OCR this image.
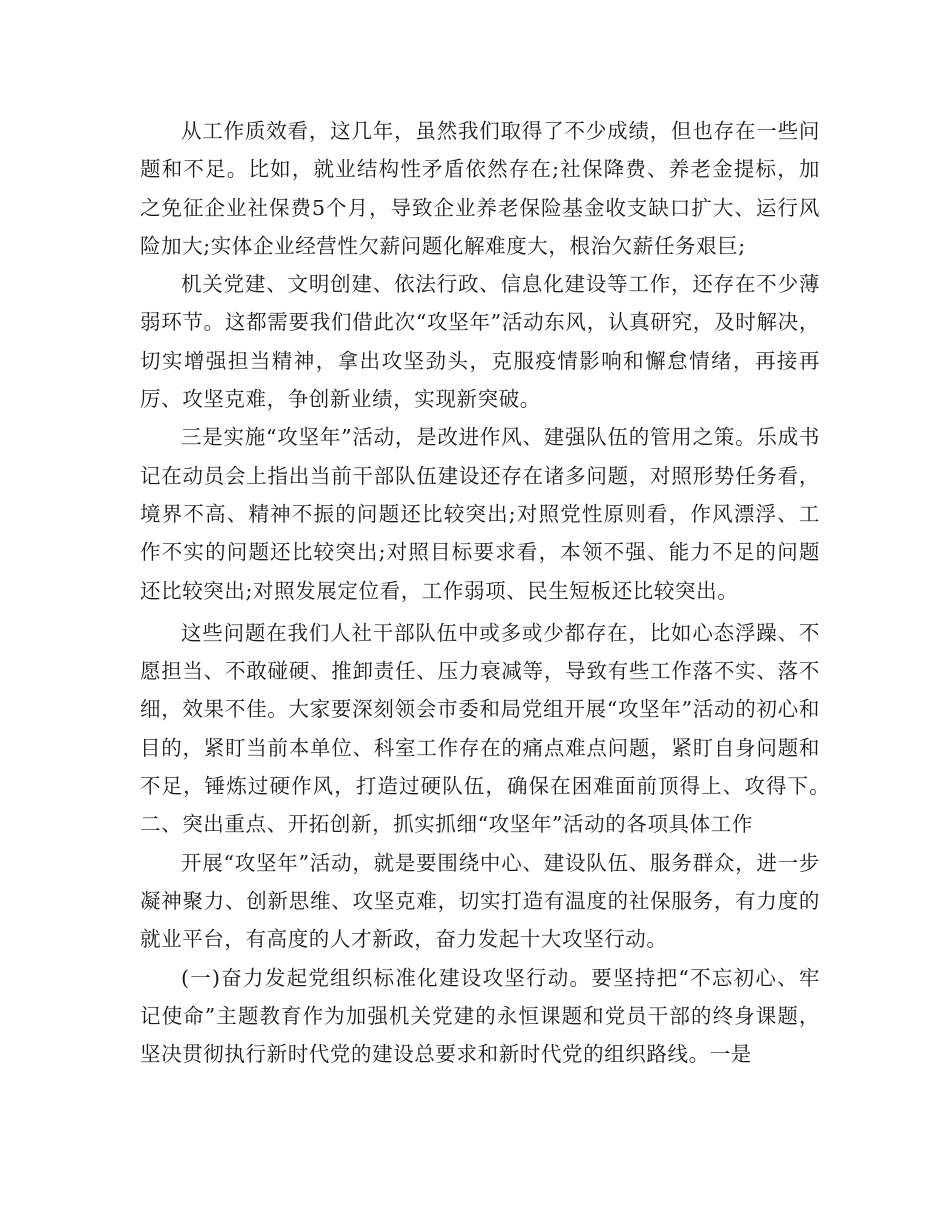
从工作质效看，这几年，虽然我们取得了不少成绩，但也存在一些问题和不足。比如，就业结构性矛盾依然存在;社保降费、养老金提标，加之免征企业社保费5个月，导致企业养老保险基金收支缺口扩大、运行风险加大;实体企业经营性欠薪问题化解难度大，根治欠薪任务艰巨;

机关党建、文明创建、依法行政、信息化建设等工作，还存在不少薄弱环节。这都需要我们借此次“攻坚年”活动东风，认真研究，及时解决，切实增强担当精神，拿出攻坚劲头，克服疫情影响和懈怠情绪，再接再厉、攻坚克难，争创新业绩，实现新突破。

三是实施“攻坚年”活动，是改进作风、建强队伍的管用之策。乐成书记在动员会上指出当前干部队伍建设还存在诸多问题，对照形势任务看，境界不高、精神不振的问题还比较突出;对照党性原则看，作风漂浮、工作不实的问题还比较突出;对照目标要求看，本领不强、能力不足的问题还比较突出;对照发展定位看，工作弱项、民生短板还比较突出。

这些问题在我们人社干部队伍中或多或少都存在，比如心态浮躁、不愿担当、不敢碰硬、推卸责任、压力衰减等，导致有些工作落不实、落不细，效果不佳。大家要深刻领会市委和局党组开展“攻坚年”活动的初心和目的，紧盯当前本单位、科室工作存在的痛点难点问题，紧盯自身问题和不足，锤炼过硬作风，打造过硬队伍，确保在困难面前顶得上、攻得下。　　二、突出重点、开拓创新，抓实抓细“攻坚年”活动的各项具体工作

开展“攻坚年”活动，就是要围绕中心、建设队伍、服务群众，进一步凝神聚力、创新思维、攻坚克难，切实打造有温度的社保服务，有力度的就业平台，有高度的人才新政，奋力发起十大攻坚行动。

(一)奋力发起党组织标准化建设攻坚行动。要坚持把“不忘初心、牢记使命”主题教育作为加强机关党建的永恒课题和党员干部的终身课题，坚决贯彻执行新时代党的建设总要求和新时代党的组织路线。一是
